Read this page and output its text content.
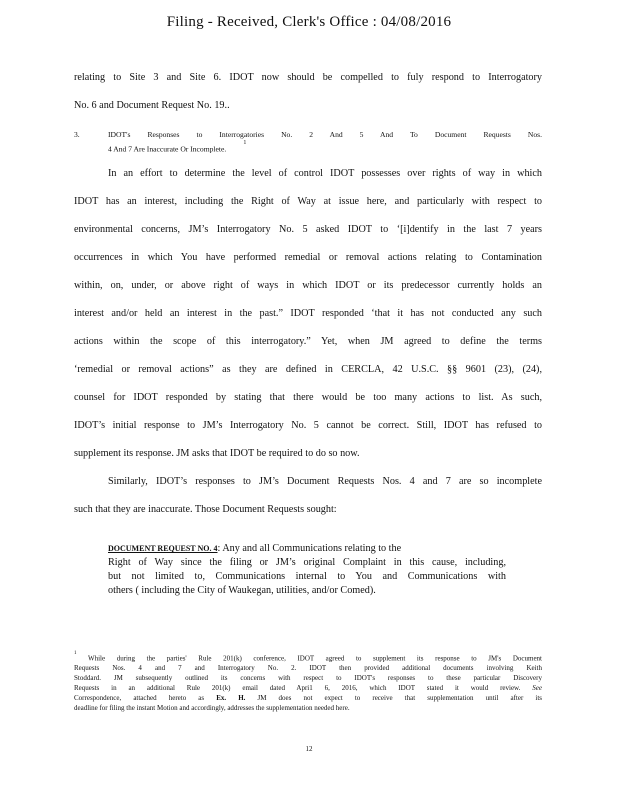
Filing - Received, Clerk's Office : 04/08/2016
relating to Site 3 and Site 6. IDOT now should be compelled to fuly respond to Interrogatory
No. 6 and Document Request No. 19..
3.	IDOT's Responses to Interrogatories No. 2 And 5 And To Document Requests Nos.
4 And 7 Are Inaccurate Or Incomplete.         $^1$
In an effort to determine the level of control IDOT possesses over rights of way in which
IDOT has an interest, including the Right of Way at issue here, and particularly with respect to
environmental concerns, JM’s Interrogatory No. 5 asked IDOT to ‘[i]dentify in the last 7 years
occurrences in which You have performed remedial or removal actions relating to Contamination
within, on, under, or above right of ways in which IDOT or its predecessor currently holds an
interest and/or held an interest in the past.” IDOT responded ‘that it has not conducted any such
actions within the scope of this interrogatory.” Yet, when JM agreed to define the terms
‘remedial or removal actions” as they are defined in CERCLA, 42 U.S.C. §§ 9601 (23), (24),
counsel for IDOT responded by stating that there would be too many actions to list. As such,
IDOT’s initial response to JM’s Interrogatory No. 5 cannot be correct. Still, IDOT has refused to
supplement its response. JM asks that IDOT be required to do so now.
Similarly, IDOT’s responses to JM’s Document Requests Nos. 4 and 7 are so incomplete
such that they are inaccurate. Those Document Requests sought:
DOCUMENT REQUEST NO. 4: Any and all Communications relating to the
Right of Way since the filing or JM’s original Complaint in this cause, including,
but not limited to, Communications internal to You and Communications with
others ( including the City of Waukegan, utilities, and/or Comed).
$^1$ While during the parties' Rule 201(k) conference, IDOT agreed to supplement its response to JM's Document
Requests Nos. 4 and 7 and Interrogatory No. 2. IDOT then provided additional documents involving Keith
Stoddard. JM subsequently outlined its concerns with respect to IDOT's responses to these particular Discovery
Requests in an additional Rule 201(k) email dated Apri1 6, 2016, which IDOT stated it would review. See
Correspondence, attached hereto as Ex. H. JM does not expect to receive that supplementation until after its
deadline for filing the instant Motion and accordingly, addresses the supplementation needed here.
12
